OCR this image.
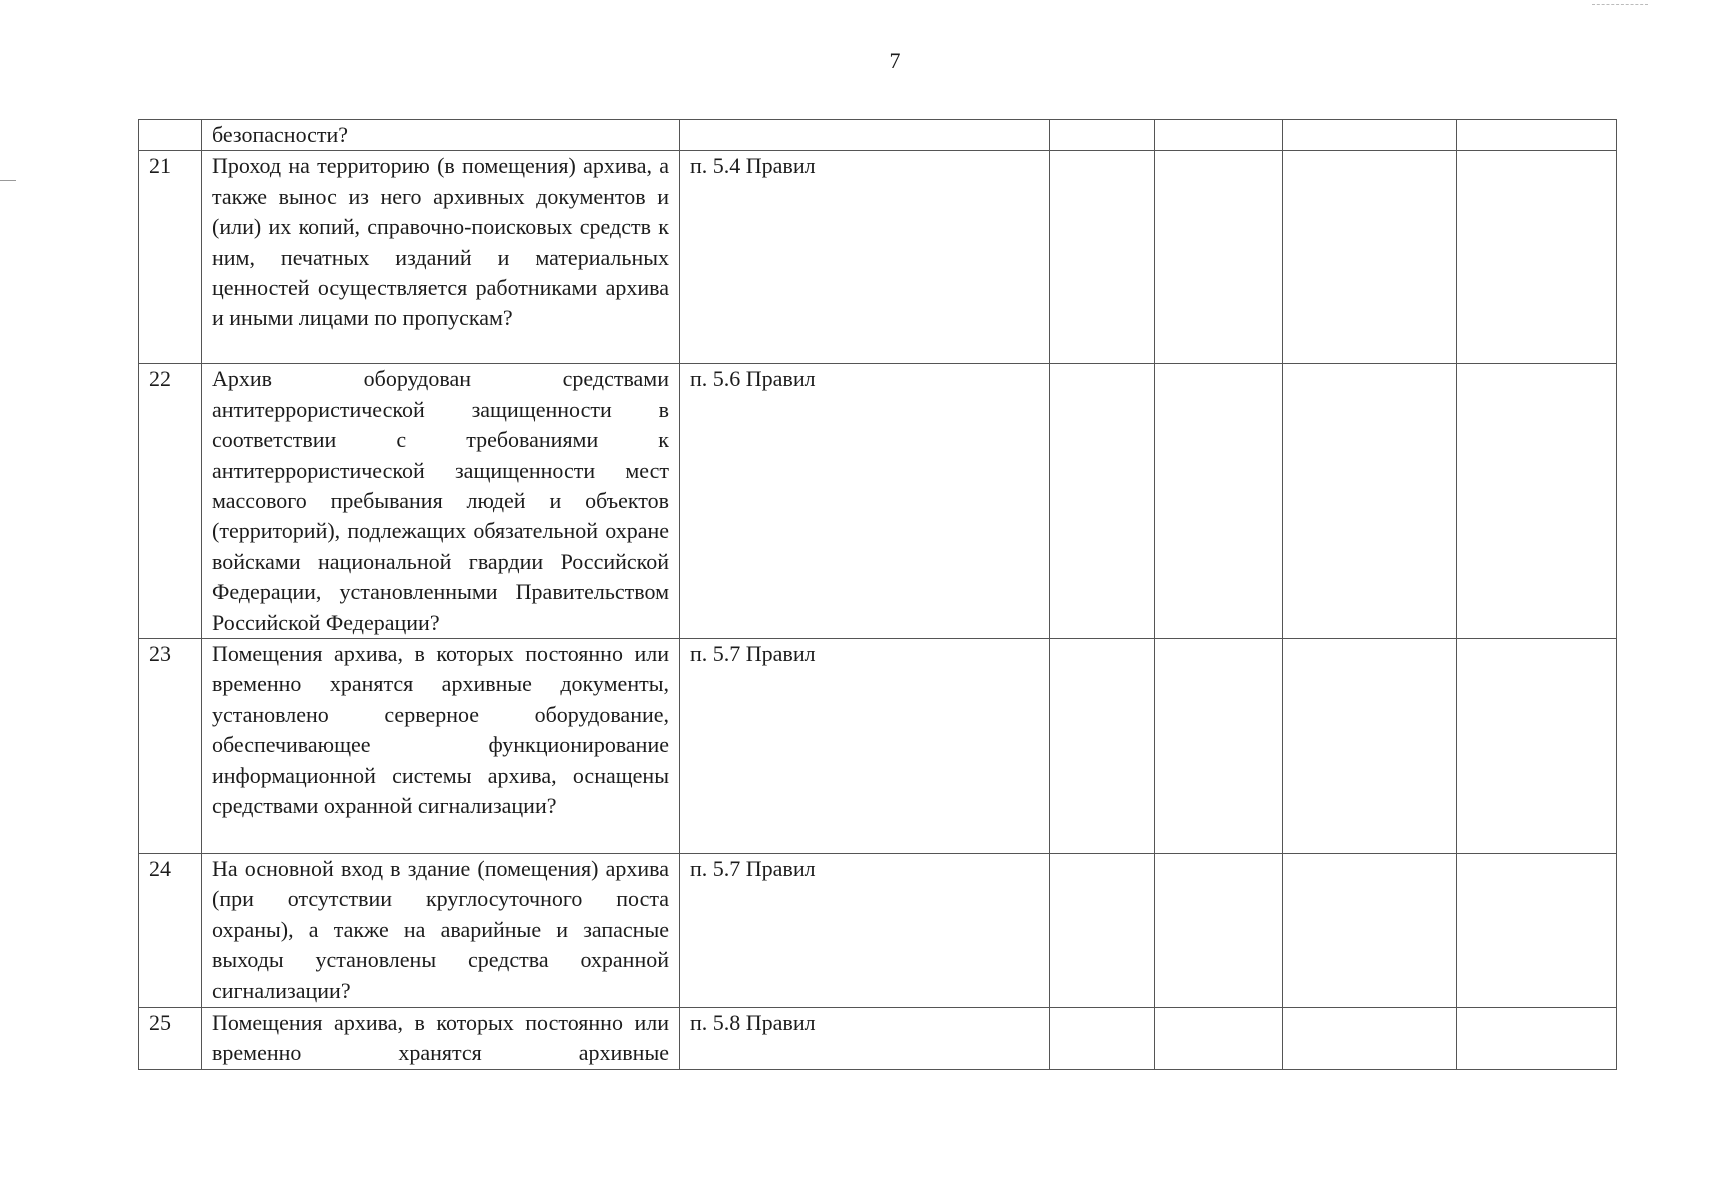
7
	безопасности?					
21	Проход на территорию (в помещения) архива, а также вынос из него архивных документов и (или) их копий, справочно-поисковых средств к ним, печатных изданий и материальных ценностей осуществляется работниками архива и иными лицами по пропускам?	п. 5.4 Правил				
22	Архив оборудован средствами антитеррористической защищенности в соответствии с требованиями к антитеррористической защищенности мест массового пребывания людей и объектов (территорий), подлежащих обязательной охране войсками национальной гвардии Российской Федерации, установленными Правительством Российской Федерации?	п. 5.6 Правил				
23	Помещения архива, в которых постоянно или временно хранятся архивные документы, установлено серверное оборудование, обеспечивающее функционирование информационной системы архива, оснащены средствами охранной сигнализации?	п. 5.7 Правил				
24	На основной вход в здание (помещения) архива (при отсутствии круглосуточного поста охраны), а также на аварийные и запасные выходы установлены средства охранной сигнализации?	п. 5.7 Правил				
25	Помещения архива, в которых постоянно или временно хранятся архивные	п. 5.8 Правил				
